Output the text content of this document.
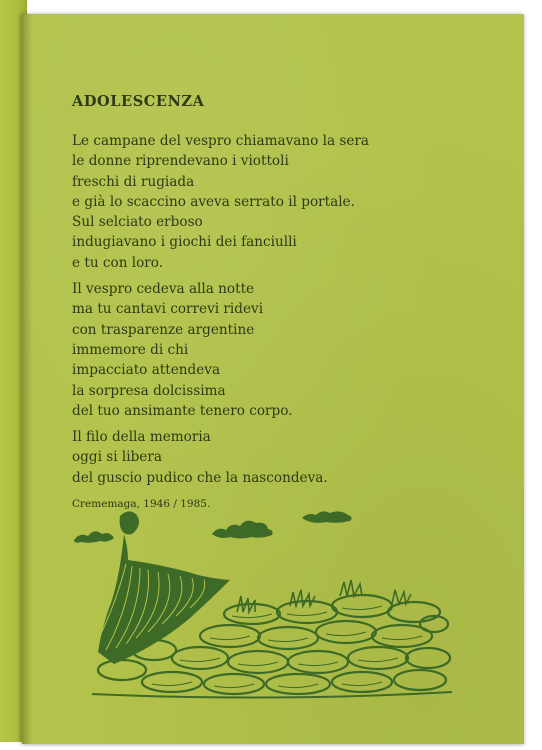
ADOLESCENZA
Le campane del vespro chiamavano la sera
le donne riprendevano i viottoli
freschi di rugiada
e già lo scaccino aveva serrato il portale.
Sul selciato erboso
indugiavano i giochi dei fanciulli
e tu con loro.
Il vespro cedeva alla notte
ma tu cantavi correvi ridevi
con trasparenze argentine
immemore di chi
impacciato attendeva
la sorpresa dolcissima
del tuo ansimante tenero corpo.
Il filo della memoria
oggi si libera
del guscio pudico che la nascondeva.
Crememaga, 1946 / 1985.
